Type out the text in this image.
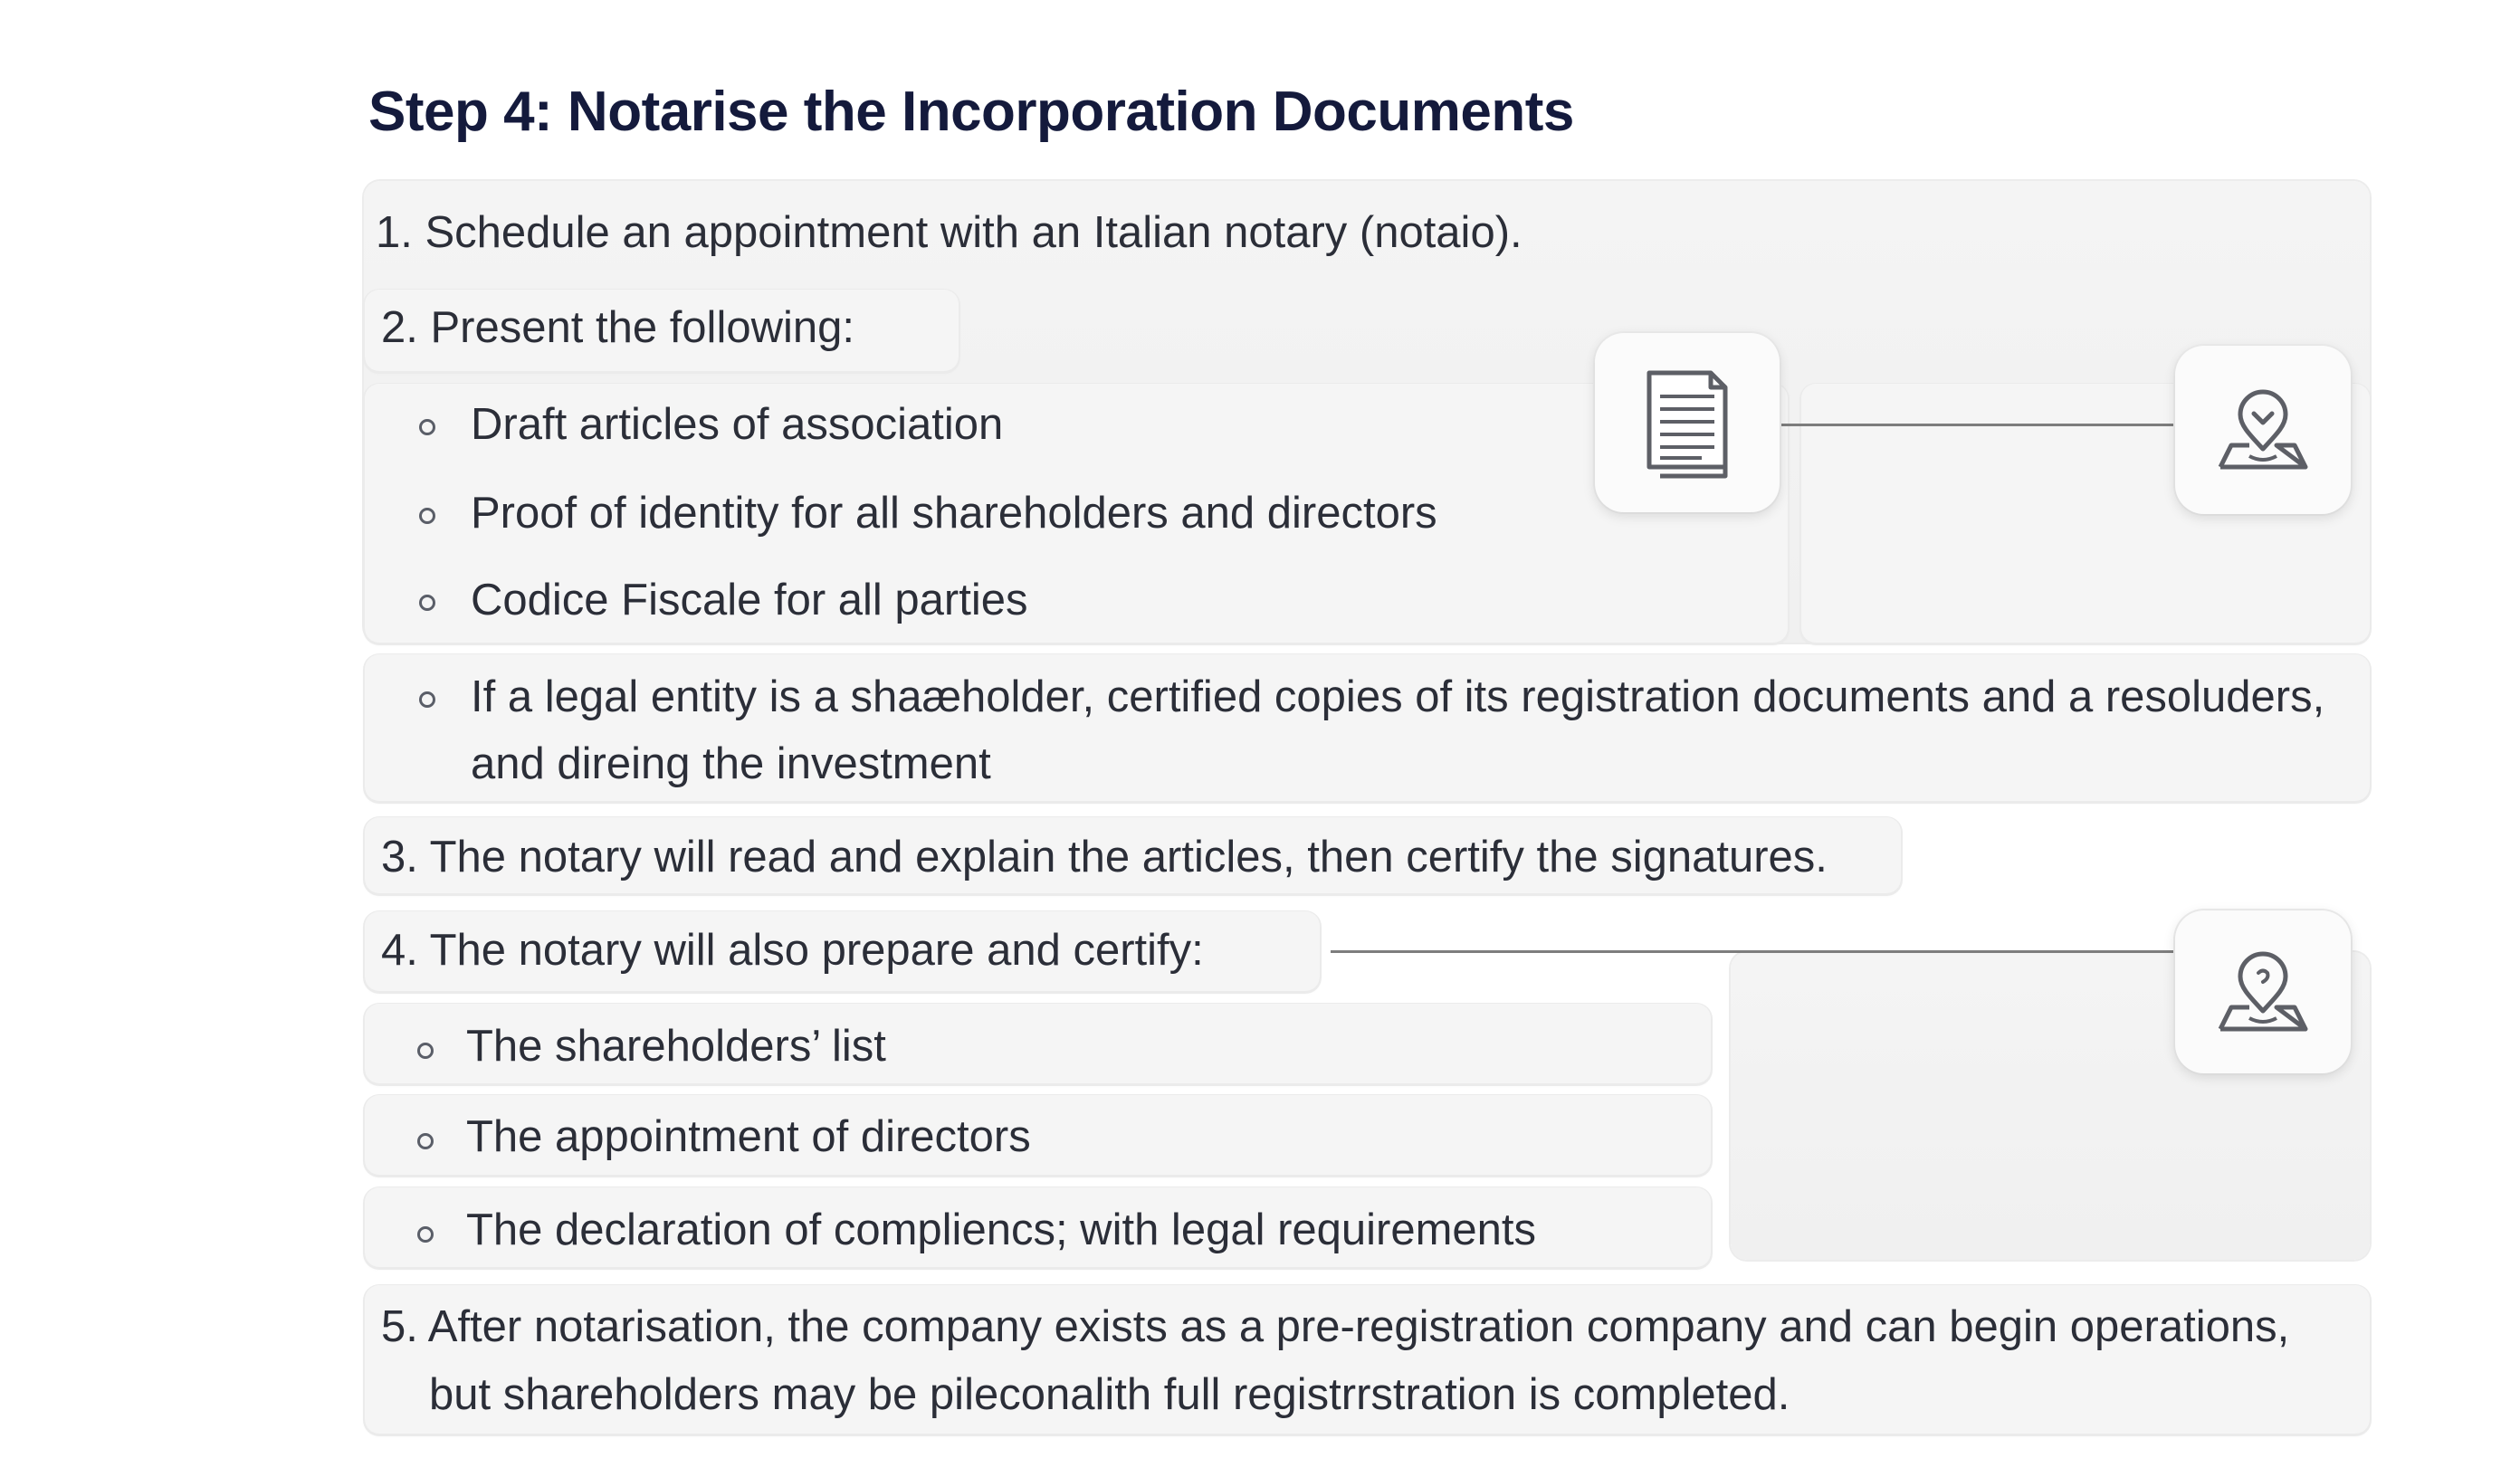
Step 4: Notarise the Incorporation Documents
1. Schedule an appointment with an Italian notary (notaio).
2. Present the following:
Draft articles of association
Proof of identity for all shareholders and directors
Codice Fiscale for all parties
If a legal entity is a shaæholder, certified copies of its registration documents and a resoluders,
and direing the investment
3. The notary will read and explain the articles, then certify the signatures.
4. The notary will also prepare and certify:
The shareholders’ list
The appointment of directors
The declaration of compliencs; with legal requirements
5. After notarisation, the company exists as a pre-registration company and can begin operations,
but shareholders may be pileconalith full registrrstration is completed.
